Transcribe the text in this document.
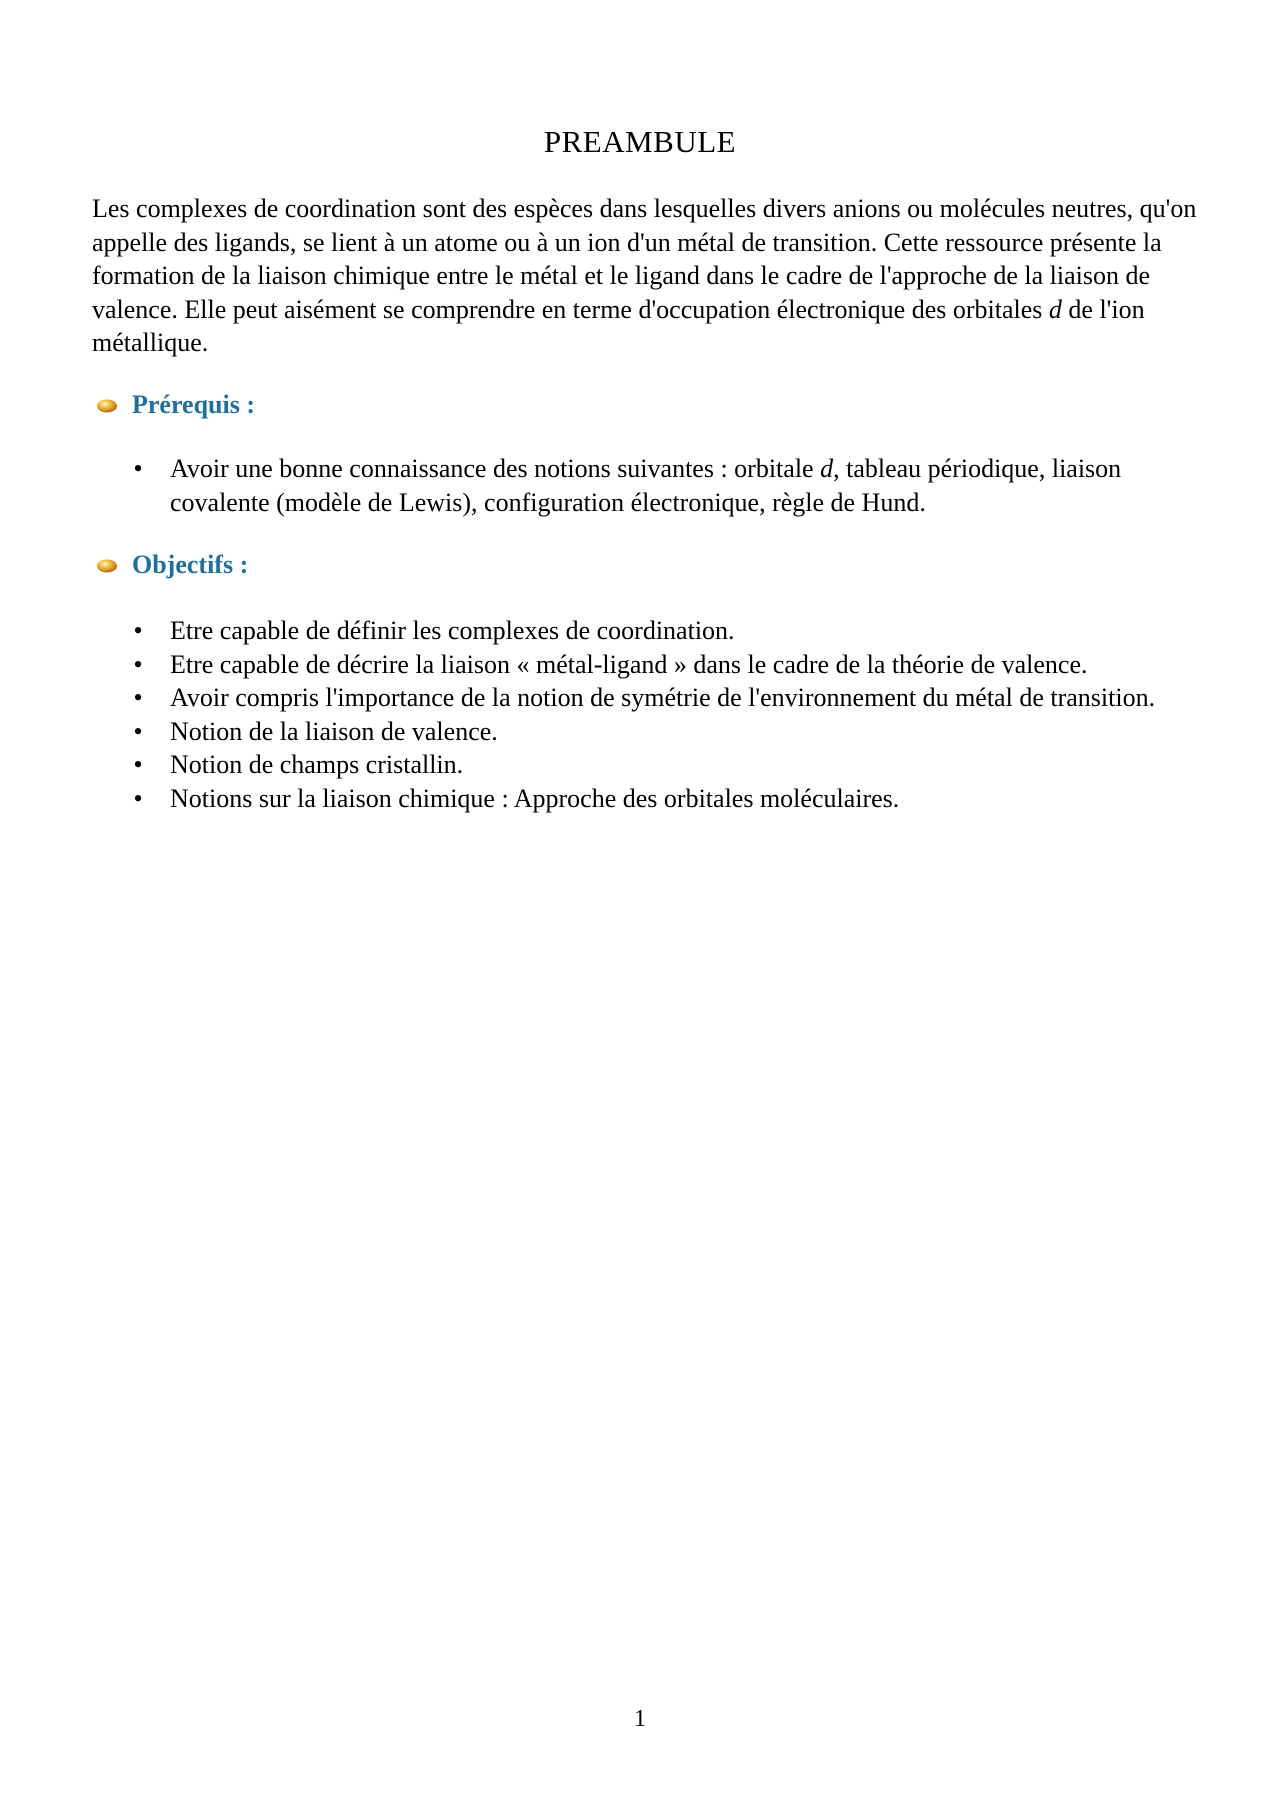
PREAMBULE

Les complexes de coordination sont des espèces dans lesquelles divers anions ou molécules neutres, qu'on appelle des ligands, se lient à un atome ou à un ion d'un métal de transition. Cette ressource présente la formation de la liaison chimique entre le métal et le ligand dans le cadre de l'approche de la liaison de valence. Elle peut aisément se comprendre en terme d'occupation électronique des orbitales d de l'ion métallique.

Prérequis :
• Avoir une bonne connaissance des notions suivantes : orbitale d, tableau périodique, liaison covalente (modèle de Lewis), configuration électronique, règle de Hund.
Objectifs :
• Etre capable de définir les complexes de coordination.
• Etre capable de décrire la liaison « métal-ligand » dans le cadre de la théorie de valence.
• Avoir compris l'importance de la notion de symétrie de l'environnement du métal de transition.
• Notion de la liaison de valence.
• Notion de champs cristallin.
• Notions sur la liaison chimique : Approche des orbitales moléculaires.
1
